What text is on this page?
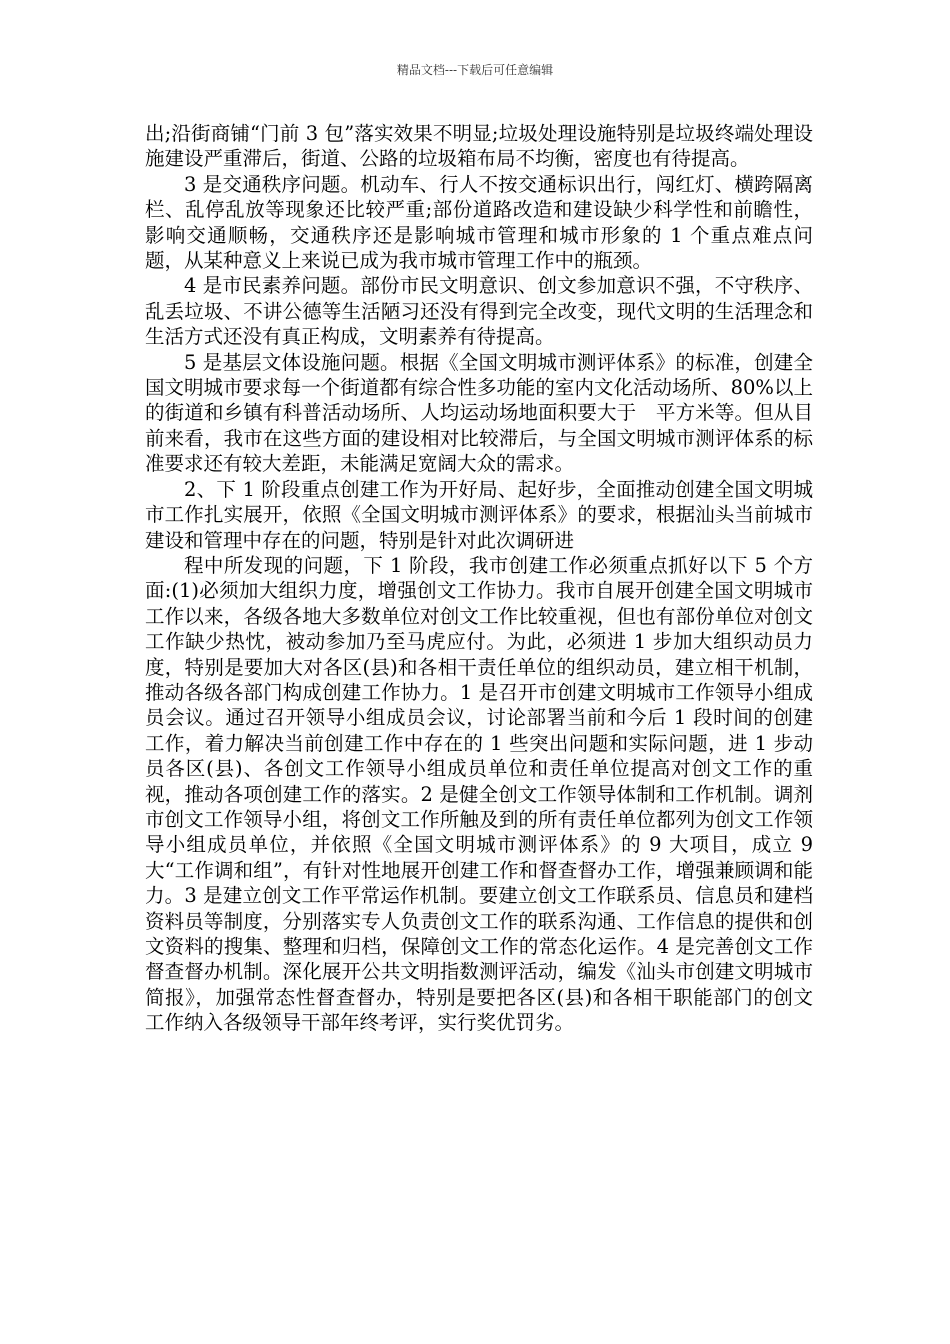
精品文档---下载后可任意编辑

出;沿街商铺“门前 3 包”落实效果不明显;垃圾处理设施特别是垃圾终端处理设施建设严重滞后，街道、公路的垃圾箱布局不均衡，密度也有待提高。

3 是交通秩序问题。机动车、行人不按交通标识出行，闯红灯、横跨隔离栏、乱停乱放等现象还比较严重;部份道路改造和建设缺少科学性和前瞻性，影响交通顺畅，交通秩序还是影响城市管理和城市形象的 1 个重点难点问题，从某种意义上来说已成为我市城市管理工作中的瓶颈。

4 是市民素养问题。部份市民文明意识、创文参加意识不强，不守秩序、乱丢垃圾、不讲公德等生活陋习还没有得到完全改变，现代文明的生活理念和生活方式还没有真正构成，文明素养有待提高。

5 是基层文体设施问题。根据《全国文明城市测评体系》的标准，创建全国文明城市要求每一个街道都有综合性多功能的室内文化活动场所、80%以上的街道和乡镇有科普活动场所、人均运动场地面积要大于　平方米等。但从目前来看，我市在这些方面的建设相对比较滞后，与全国文明城市测评体系的标准要求还有较大差距，未能满足宽阔大众的需求。

2、下 1 阶段重点创建工作为开好局、起好步，全面推动创建全国文明城市工作扎实展开，依照《全国文明城市测评体系》的要求，根据汕头当前城市建设和管理中存在的问题，特别是针对此次调研进

程中所发现的问题，下 1 阶段，我市创建工作必须重点抓好以下 5 个方面:(1)必须加大组织力度，增强创文工作协力。我市自展开创建全国文明城市工作以来，各级各地大多数单位对创文工作比较重视，但也有部份单位对创文工作缺少热忱，被动参加乃至马虎应付。为此，必须进 1 步加大组织动员力度，特别是要加大对各区(县)和各相干责任单位的组织动员，建立相干机制，推动各级各部门构成创建工作协力。1 是召开市创建文明城市工作领导小组成员会议。通过召开领导小组成员会议，讨论部署当前和今后 1 段时间的创建工作，着力解决当前创建工作中存在的 1 些突出问题和实际问题，进 1 步动员各区(县)、各创文工作领导小组成员单位和责任单位提高对创文工作的重视，推动各项创建工作的落实。2 是健全创文工作领导体制和工作机制。调剂市创文工作领导小组，将创文工作所触及到的所有责任单位都列为创文工作领导小组成员单位，并依照《全国文明城市测评体系》的 9 大项目，成立 9 大“工作调和组”，有针对性地展开创建工作和督查督办工作，增强兼顾调和能力。3 是建立创文工作平常运作机制。要建立创文工作联系员、信息员和建档资料员等制度，分别落实专人负责创文工作的联系沟通、工作信息的提供和创文资料的搜集、整理和归档，保障创文工作的常态化运作。4 是完善创文工作督查督办机制。深化展开公共文明指数测评活动，编发《汕头市创建文明城市简报》，加强常态性督查督办，特别是要把各区(县)和各相干职能部门的创文工作纳入各级领导干部年终考评，实行奖优罚劣。
